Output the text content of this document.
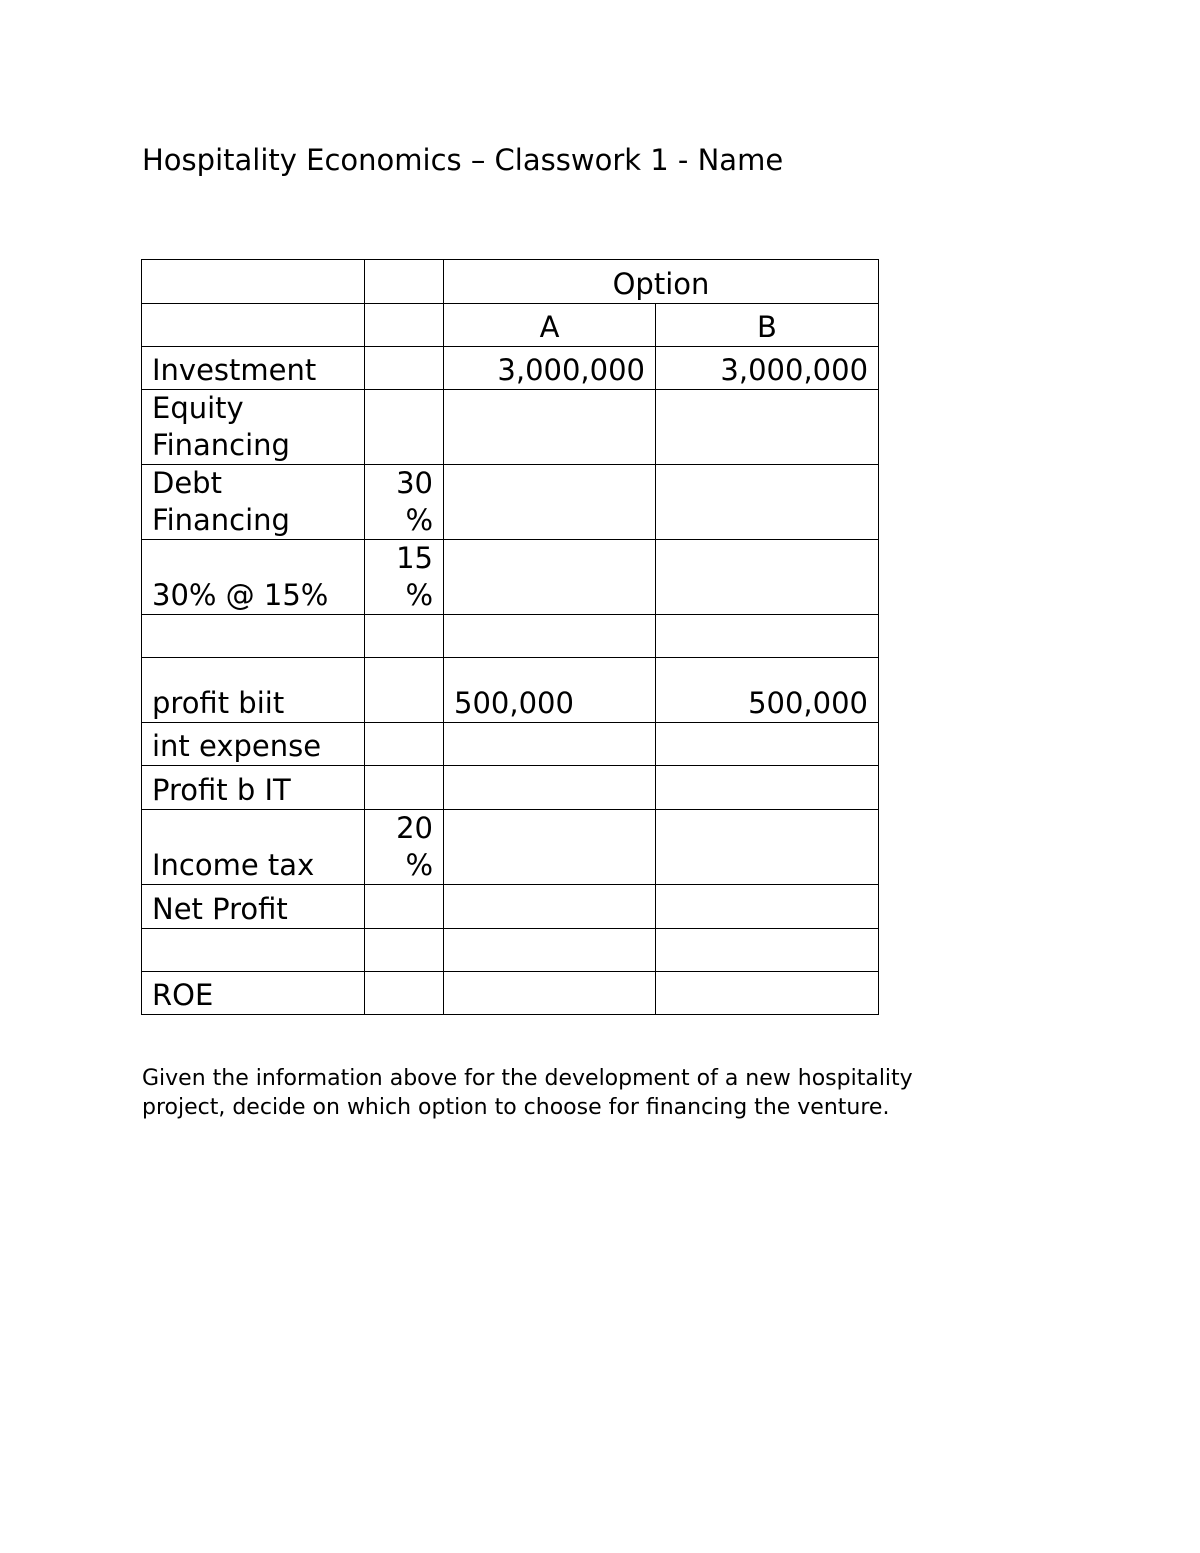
Hospitality Economics – Classwork 1 - Name
		Option	
		A	B
Investment		3,000,000	3,000,000
Equity Financing			
Debt Financing	30 %		
30% @ 15%	15 %		

profit biit		500,000	500,000
int expense			
Profit b IT			
Income tax	20 %		
Net Profit			

ROE			

Given the information above for the development of a new hospitality project, decide on which option to choose for financing the venture.
